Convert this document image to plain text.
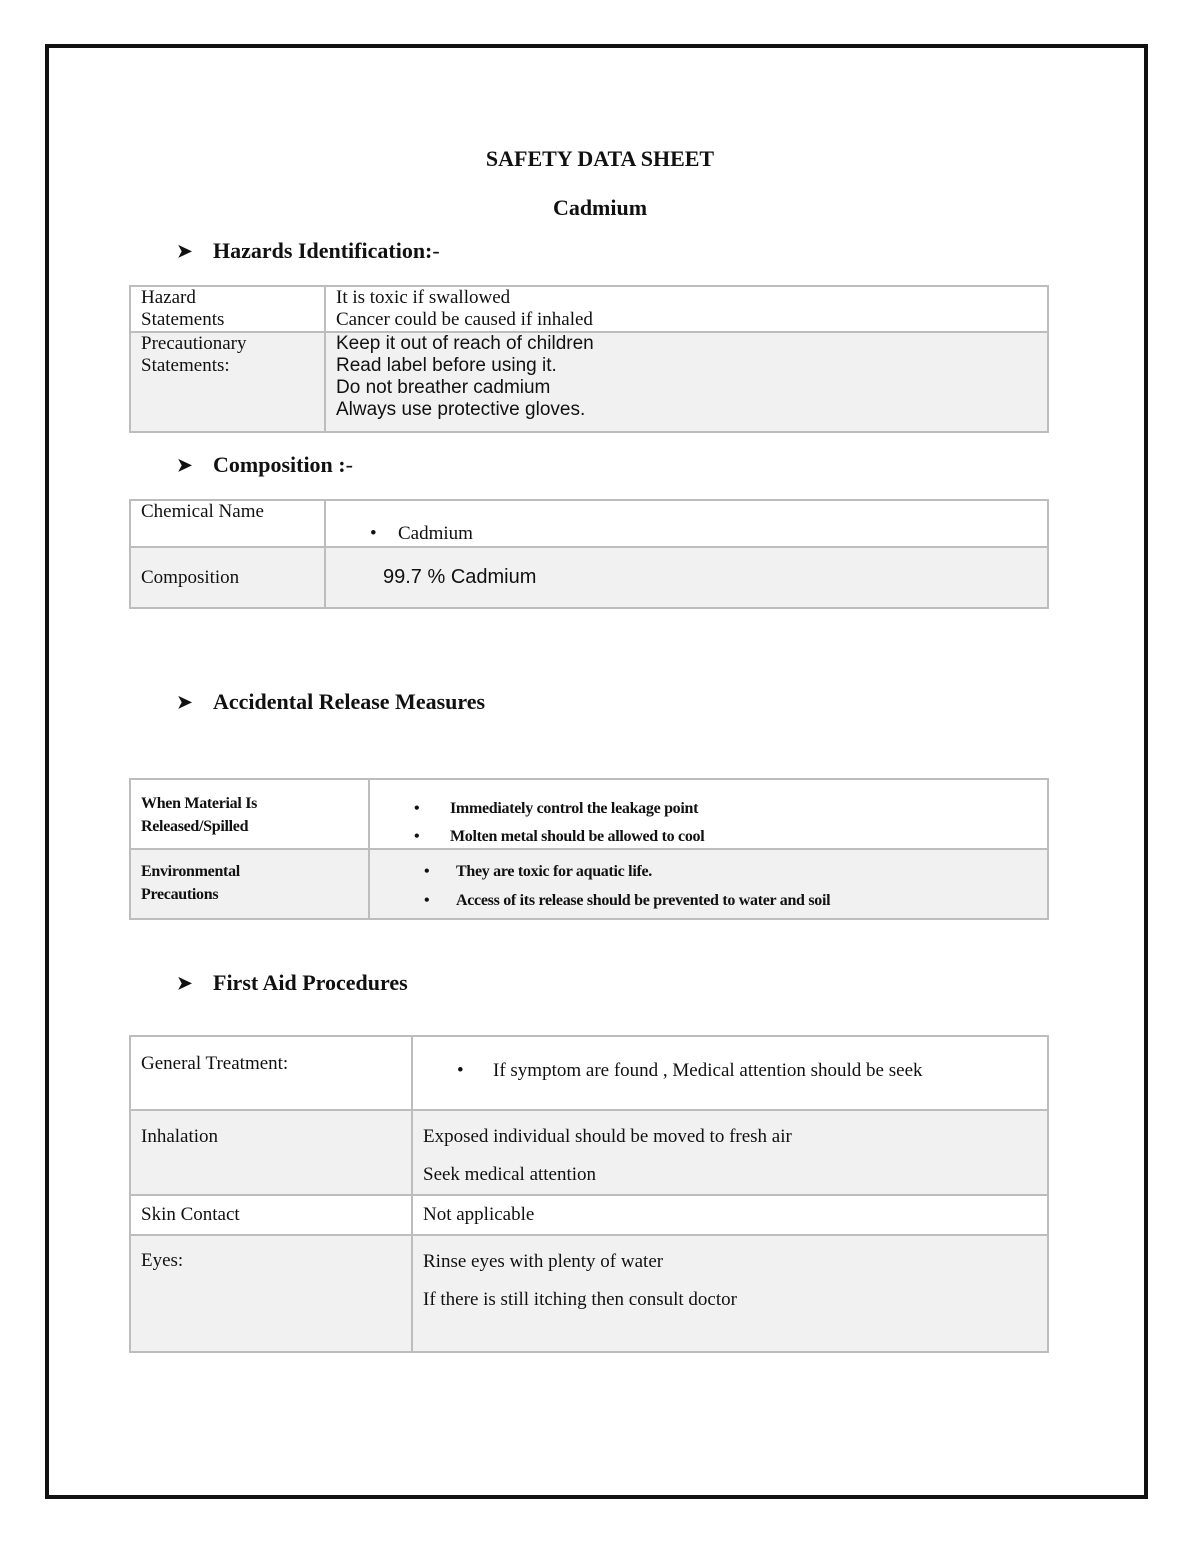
SAFETY DATA SHEET
Cadmium
➤ Hazards Identification: -
Hazard Statements	It is toxic if swallowed
Cancer could be caused if inhaled

Precautionary Statements:	Keep it out of reach of children
Read label before using it.
Do not breather cadmium
Always use protective gloves.
➤ Composition : -
Chemical Name	• Cadmium

Composition	99.7 % Cadmium
➤ Accidental Release Measures
When Material Is Released/Spilled	• Immediately control the leakage point
• Molten metal should be allowed to cool

Environmental Precautions	• They are toxic for aquatic life.
• Access of its release should be prevented to water and soil
➤ First Aid Procedures
General Treatment:	• If symptom are found , Medical attention should be seek

Inhalation	Exposed individual should be moved to fresh air
Seek medical attention

Skin Contact	Not applicable

Eyes:	Rinse eyes with plenty of water
If there is still itching then consult doctor
